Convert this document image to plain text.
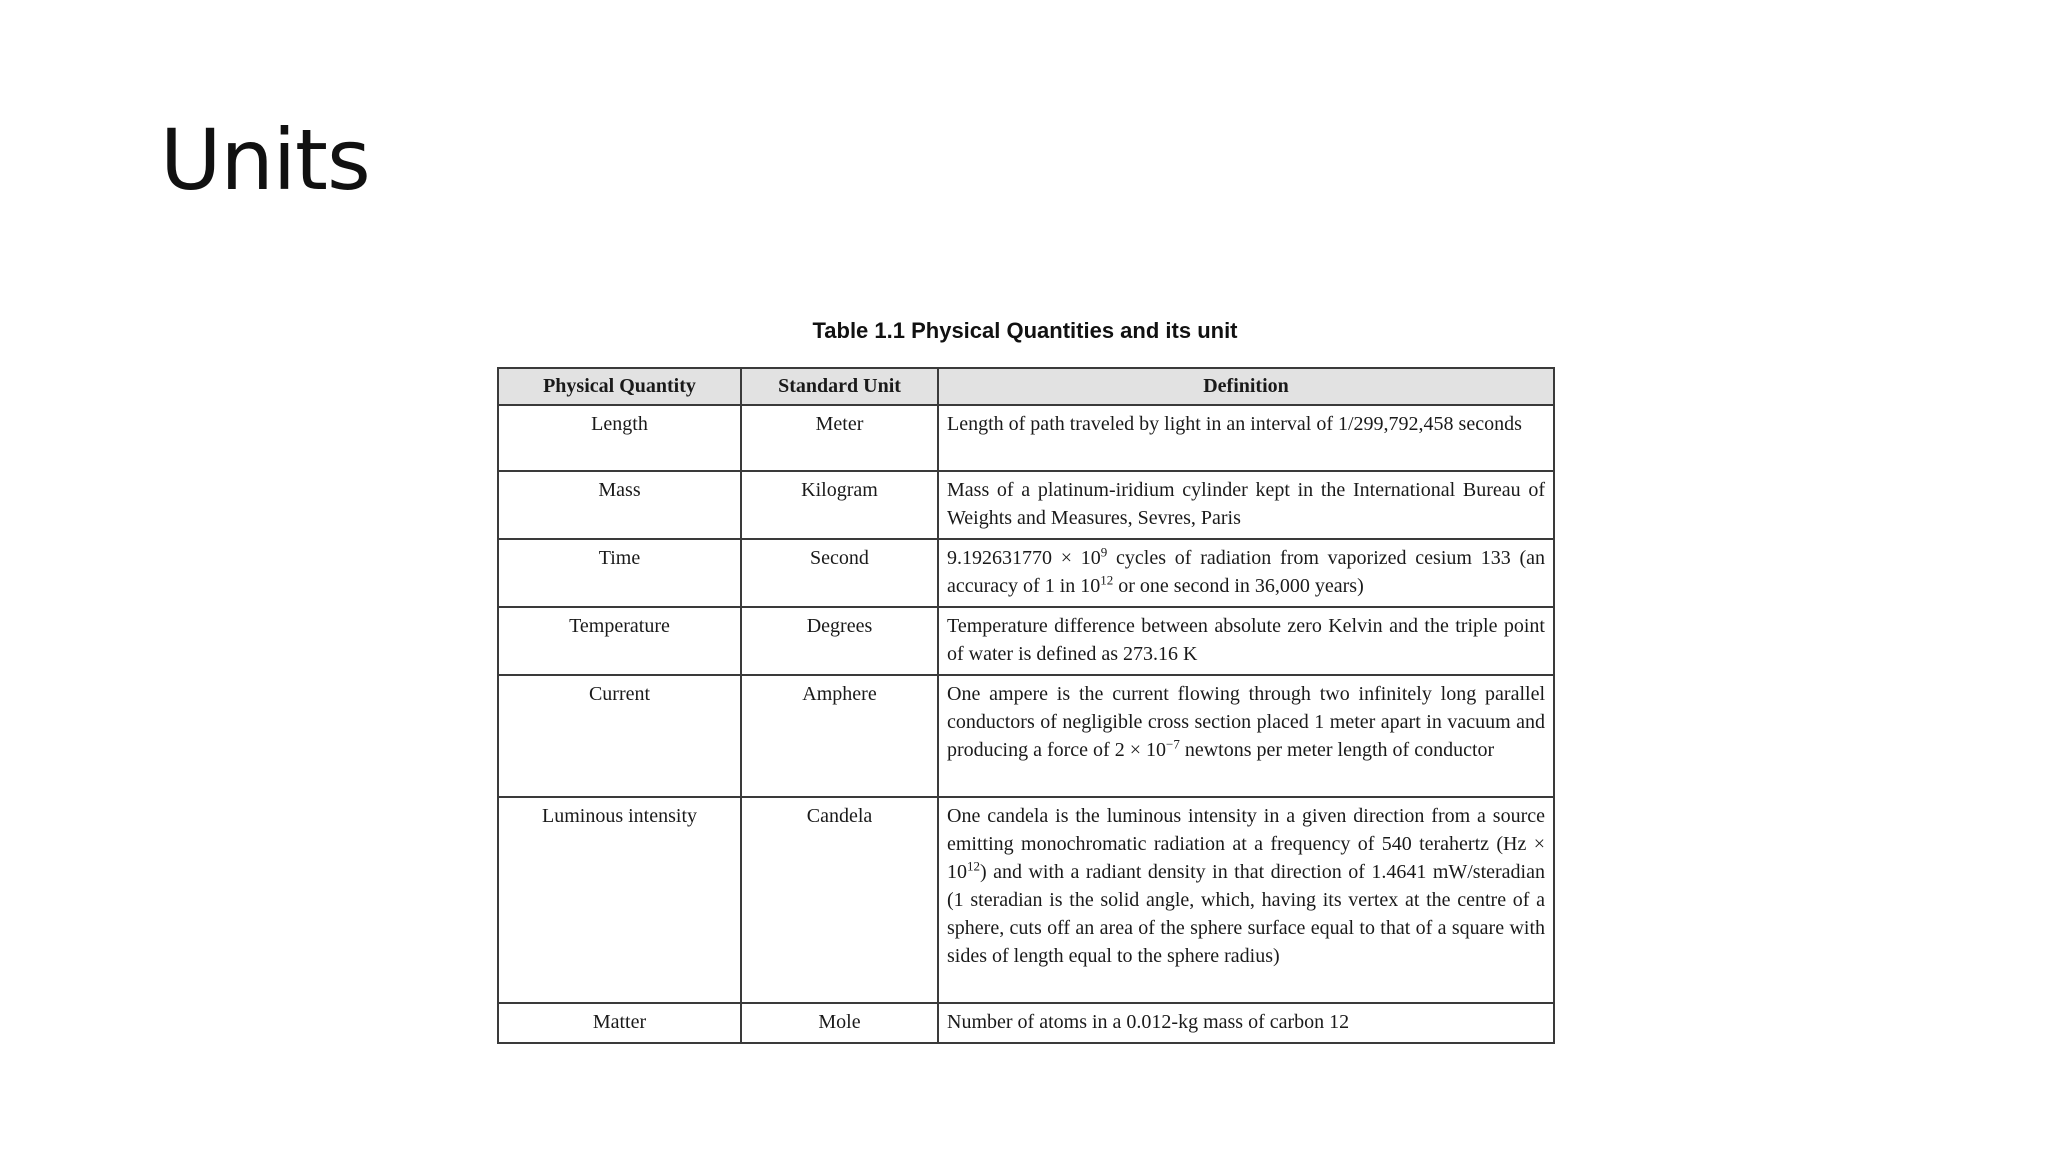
Units
Table 1.1 Physical Quantities and its unit
Physical Quantity	Standard Unit	Definition
Length	Meter	Length of path traveled by light in an interval of 1/299,792,458 seconds
Mass	Kilogram	Mass of a platinum-iridium cylinder kept in the International Bureau of Weights and Measures, Sevres, Paris
Time	Second	$9.192631770 \times 10^9$ cycles of radiation from vaporized cesium 133 (an accuracy of 1 in $10^{12}$ or one second in 36,000 years)
Temperature	Degrees	Temperature difference between absolute zero Kelvin and the triple point of water is defined as 273.16 K
Current	Amphere	One ampere is the current flowing through two infinitely long parallel conductors of negligible cross section placed 1 meter apart in vacuum and producing a force of $2 \times 10^{-7}$ newtons per meter length of conductor
Luminous intensity	Candela	One candela is the luminous intensity in a given direction from a source emitting monochromatic radiation at a frequency of 540 terahertz $(Hz \times 10^{12})$ and with a radiant density in that direction of 1.4641 mW/steradian (1 steradian is the solid angle, which, having its vertex at the centre of a sphere, cuts off an area of the sphere surface equal to that of a square with sides of length equal to the sphere radius)
Matter	Mole	Number of atoms in a 0.012-kg mass of carbon 12
